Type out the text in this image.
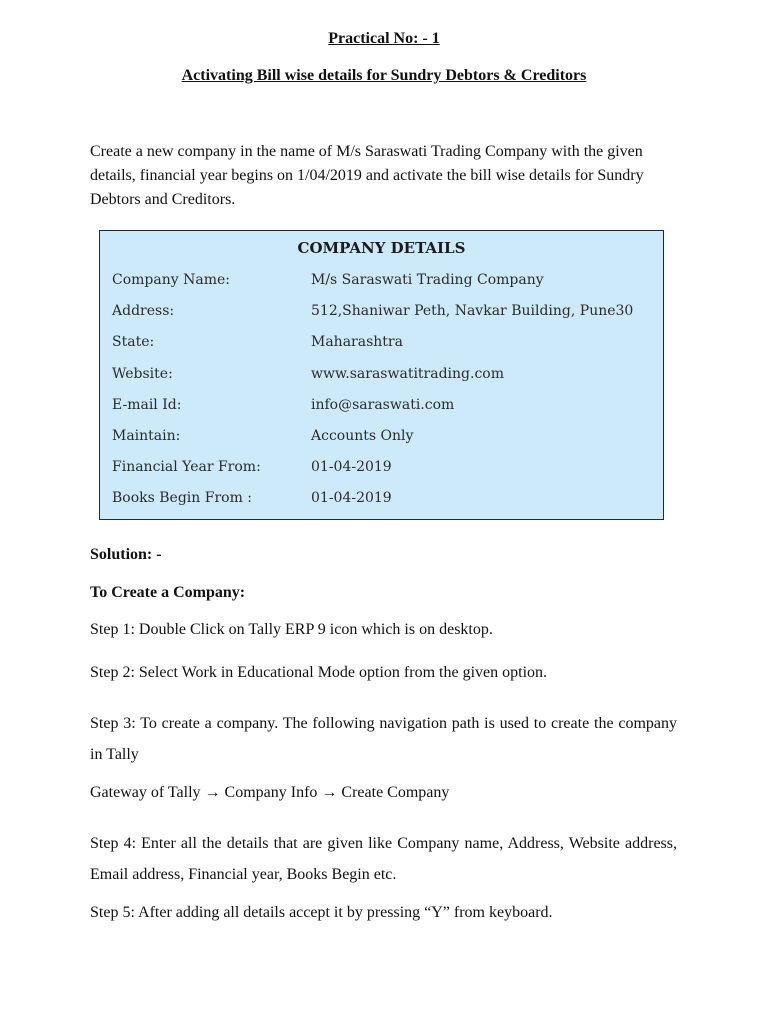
Practical No: - 1
Activating Bill wise details for Sundry Debtors & Creditors
Create a new company in the name of M/s Saraswati Trading Company with the given details, financial year begins on 1/04/2019 and activate the bill wise details for Sundry Debtors and Creditors.
COMPANY DETAILS
Company Name:	M/s Saraswati Trading Company
Address:	512,Shaniwar Peth, Navkar Building, Pune30
State:	Maharashtra
Website:	www.saraswatitrading.com
E-mail Id:	info@saraswati.com
Maintain:	Accounts Only
Financial Year From:	01-04-2019
Books Begin From :	01-04-2019
Solution: -
To Create a Company:
Step 1: Double Click on Tally ERP 9 icon which is on desktop.
Step 2: Select Work in Educational Mode option from the given option.
Step 3: To create a company. The following navigation path is used to create the company in Tally
Gateway of Tally → Company Info → Create Company
Step 4: Enter all the details that are given like Company name, Address, Website address, Email address, Financial year, Books Begin etc.
Step 5: After adding all details accept it by pressing “Y” from keyboard.
